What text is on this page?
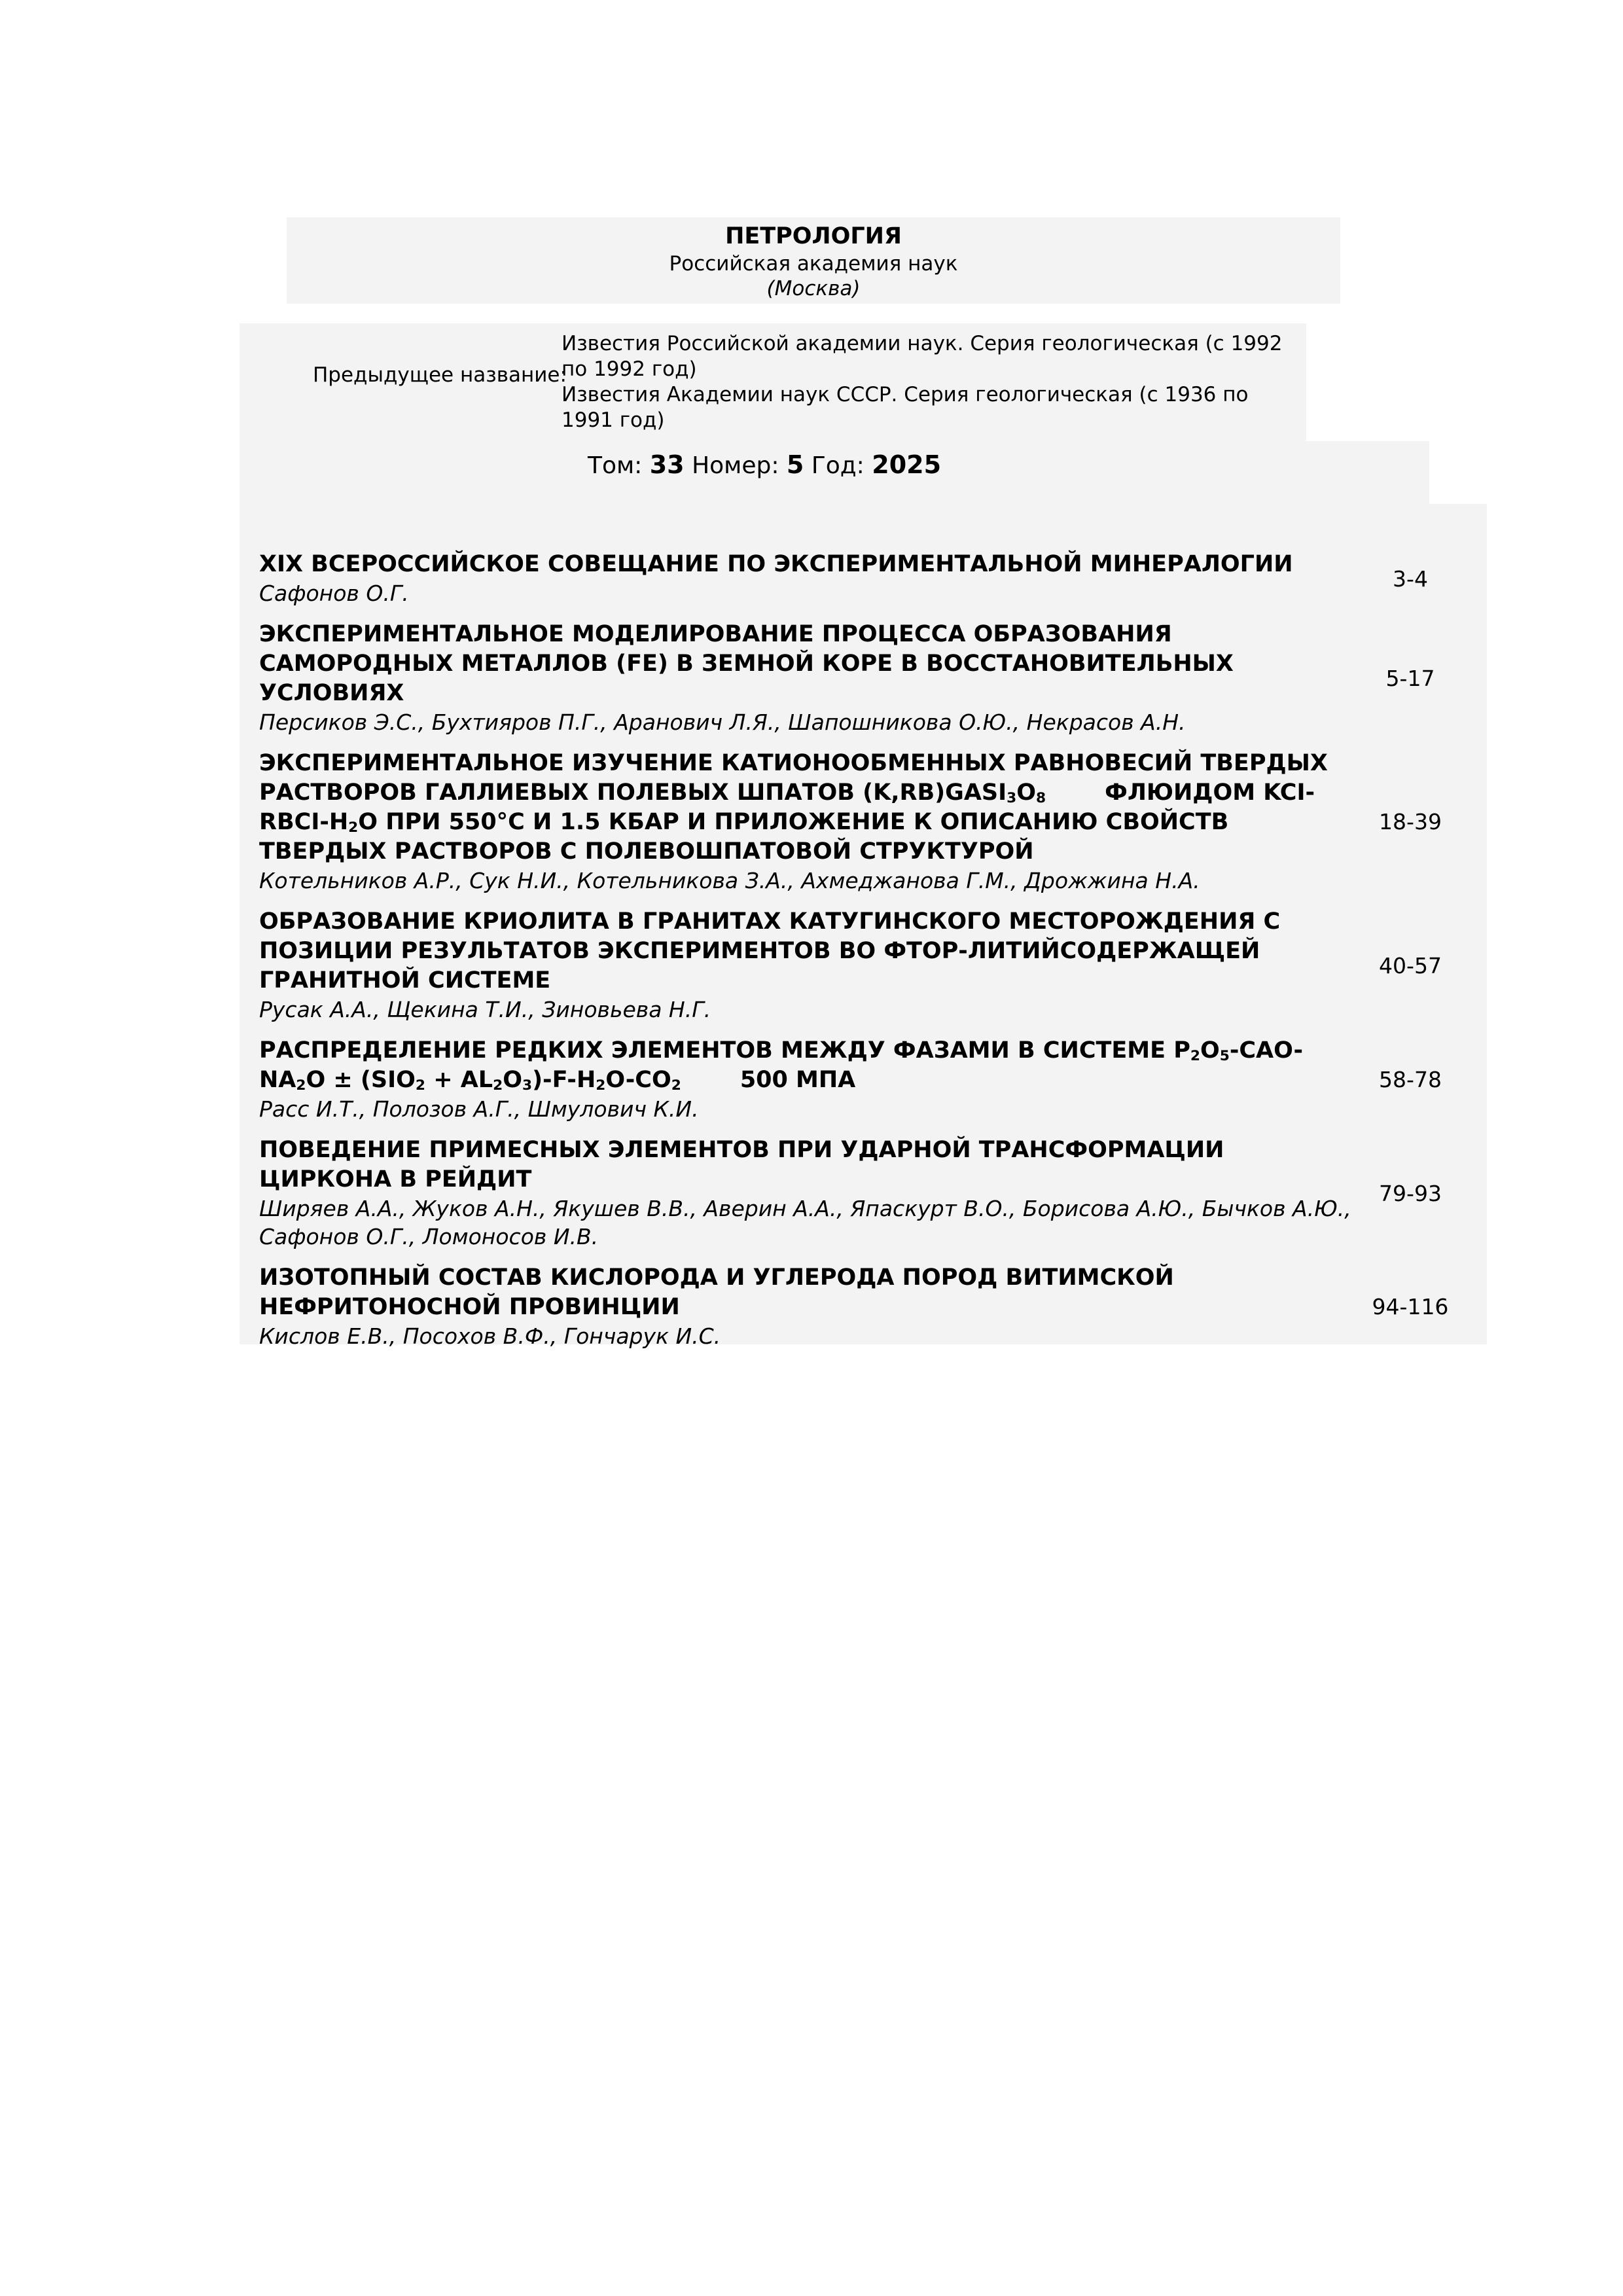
ПЕТРОЛОГИЯ
Российская академия наук
(Москва)
Предыдущее название:
Известия Российской академии наук. Серия геологическая (с 1992 по 1992 год)
Известия Академии наук СССР. Серия геологическая (с 1936 по 1991 год)
Том: 33 Номер: 5 Год: 2025
XIX ВСЕРОССИЙСКОЕ СОВЕЩАНИЕ ПО ЭКСПЕРИМЕНТАЛЬНОЙ МИНЕРАЛОГИИ
Сафонов О.Г.
3-4
ЭКСПЕРИМЕНТАЛЬНОЕ МОДЕЛИРОВАНИЕ ПРОЦЕССА ОБРАЗОВАНИЯ САМОРОДНЫХ МЕТАЛЛОВ (FE) В ЗЕМНОЙ КОРЕ В ВОССТАНОВИТЕЛЬНЫХ УСЛОВИЯХ
Персиков Э.С., Бухтияров П.Г., Аранович Л.Я., Шапошникова О.Ю., Некрасов А.Н.
5-17
ЭКСПЕРИМЕНТАЛЬНОЕ ИЗУЧЕНИЕ КАТИОНООБМЕННЫХ РАВНОВЕСИЙ ТВЕРДЫХ РАСТВОРОВ ГАЛЛИЕВЫХ ПОЛЕВЫХ ШПАТОВ $(K,RB)GASI_3O_8$	ФЛЮИДОМ KCI-$RBCI-H_2O$ ПРИ 550°C И 1.5 КБАР И ПРИЛОЖЕНИЕ К ОПИСАНИЮ СВОЙСТВ ТВЕРДЫХ РАСТВОРОВ С ПОЛЕВОШПАТОВОЙ СТРУКТУРОЙ
Котельников А.Р., Сук Н.И., Котельникова З.А., Ахмеджанова Г.М., Дрожжина Н.А.
18-39
ОБРАЗОВАНИЕ КРИОЛИТА В ГРАНИТАХ КАТУГИНСКОГО МЕСТОРОЖДЕНИЯ С ПОЗИЦИИ РЕЗУЛЬТАТОВ ЭКСПЕРИМЕНТОВ ВО ФТОР-ЛИТИЙСОДЕРЖАЩЕЙ ГРАНИТНОЙ СИСТЕМЕ
Русак А.А., Щекина Т.И., Зиновьева Н.Г.
40-57
РАСПРЕДЕЛЕНИЕ РЕДКИХ ЭЛЕМЕНТОВ МЕЖДУ ФАЗАМИ В СИСТЕМЕ $P_2O_5-CAO-NA_2O \pm (SIO_2 + AL_2O_3)-F-H_2O-CO_2$	500 МПА
Расс И.Т., Полозов А.Г., Шмулович К.И.
58-78
ПОВЕДЕНИЕ ПРИМЕСНЫХ ЭЛЕМЕНТОВ ПРИ УДАРНОЙ ТРАНСФОРМАЦИИ ЦИРКОНА В РЕЙДИТ
Ширяев А.А., Жуков А.Н., Якушев В.В., Аверин А.А., Япаскурт В.О., Борисова А.Ю., Бычков А.Ю., Сафонов О.Г., Ломоносов И.В.
79-93
ИЗОТОПНЫЙ СОСТАВ КИСЛОРОДА И УГЛЕРОДА ПОРОД ВИТИМСКОЙ НЕФРИТОНОСНОЙ ПРОВИНЦИИ
Кислов Е.В., Посохов В.Ф., Гончарук И.С.
94-116
